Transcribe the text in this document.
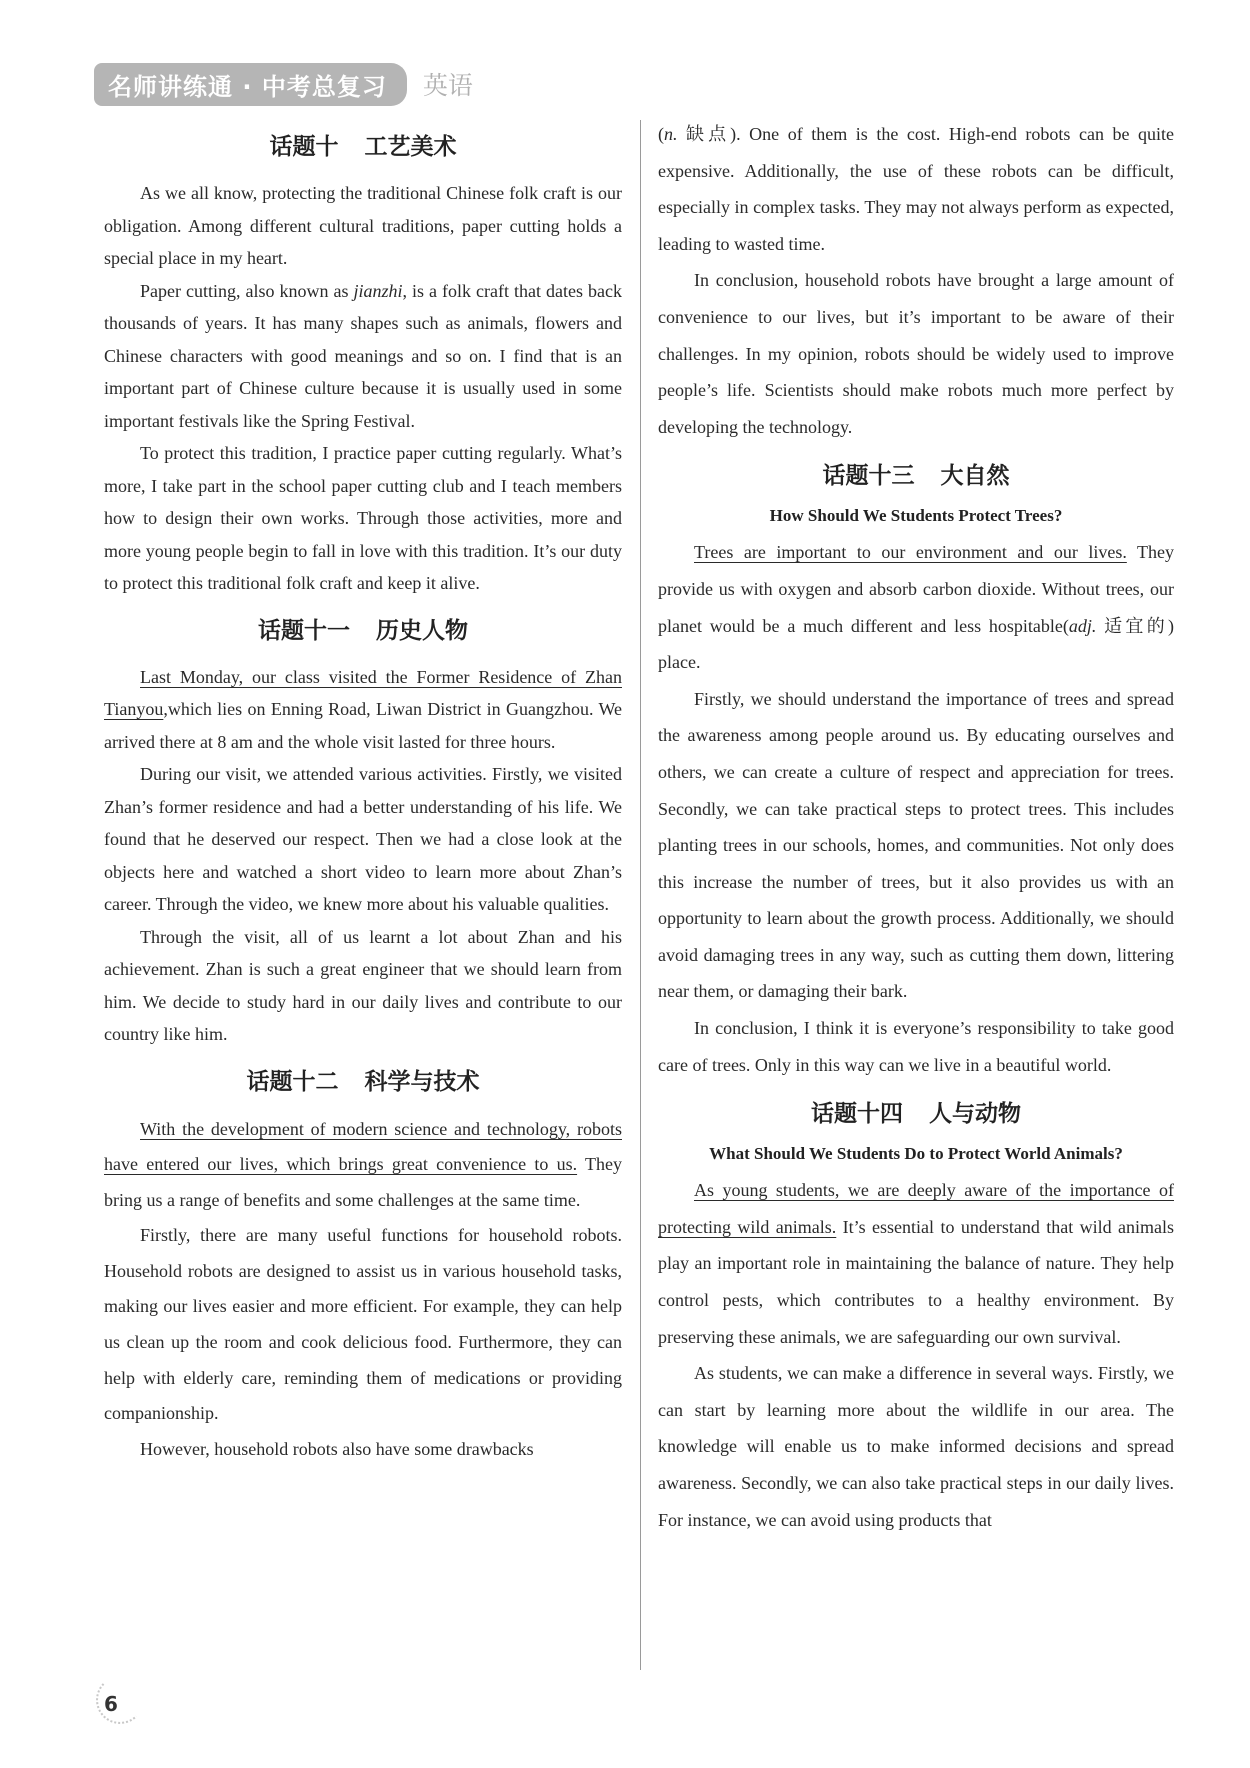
名师讲练通 · 中考总复习	英语
话题十 工艺美术

As we all know, protecting the traditional Chinese folk craft is our obligation. Among different cultural traditions, paper cutting holds a special place in my heart.

Paper cutting, also known as jianzhi, is a folk craft that dates back thousands of years. It has many shapes such as animals, flowers and Chinese characters with good meanings and so on. I find that is an important part of Chinese culture because it is usually used in some important festivals like the Spring Festival.

To protect this tradition, I practice paper cutting regularly. What’s more, I take part in the school paper cutting club and I teach members how to design their own works. Through those activities, more and more young people begin to fall in love with this tradition. It’s our duty to protect this traditional folk craft and keep it alive.

话题十一 历史人物

Last Monday, our class visited the Former Residence of Zhan Tianyou,which lies on Enning Road, Liwan District in Guangzhou. We arrived there at 8 am and the whole visit lasted for three hours.

During our visit, we attended various activities. Firstly, we visited Zhan’s former residence and had a better understanding of his life. We found that he deserved our respect. Then we had a close look at the objects here and watched a short video to learn more about Zhan’s career. Through the video, we knew more about his valuable qualities.

Through the visit, all of us learnt a lot about Zhan and his achievement. Zhan is such a great engineer that we should learn from him. We decide to study hard in our daily lives and contribute to our country like him.

话题十二 科学与技术

With the development of modern science and technology, robots have entered our lives, which brings great convenience to us. They bring us a range of benefits and some challenges at the same time.

Firstly, there are many useful functions for household robots. Household robots are designed to assist us in various household tasks, making our lives easier and more efficient. For example, they can help us clean up the room and cook delicious food. Furthermore, they can help with elderly care, reminding them of medications or providing companionship.

However, household robots also have some drawbacks

(n. 缺点). One of them is the cost. High-end robots can be quite expensive. Additionally, the use of these robots can be difficult, especially in complex tasks. They may not always perform as expected, leading to wasted time.

In conclusion, household robots have brought a large amount of convenience to our lives, but it’s important to be aware of their challenges. In my opinion, robots should be widely used to improve people’s life. Scientists should make robots much more perfect by developing the technology.

话题十三 大自然
How Should We Students Protect Trees?

Trees are important to our environment and our lives. They provide us with oxygen and absorb carbon dioxide. Without trees, our planet would be a much different and less hospitable(adj. 适宜的) place.

Firstly, we should understand the importance of trees and spread the awareness among people around us. By educating ourselves and others, we can create a culture of respect and appreciation for trees. Secondly, we can take practical steps to protect trees. This includes planting trees in our schools, homes, and communities. Not only does this increase the number of trees, but it also provides us with an opportunity to learn about the growth process. Additionally, we should avoid damaging trees in any way, such as cutting them down, littering near them, or damaging their bark.

In conclusion, I think it is everyone’s responsibility to take good care of trees. Only in this way can we live in a beautiful world.

话题十四 人与动物
What Should We Students Do to Protect World Animals?

As young students, we are deeply aware of the importance of protecting wild animals. It’s essential to understand that wild animals play an important role in maintaining the balance of nature. They help control pests, which contributes to a healthy environment. By preserving these animals, we are safeguarding our own survival.

As students, we can make a difference in several ways. Firstly, we can start by learning more about the wildlife in our area. The knowledge will enable us to make informed decisions and spread awareness. Secondly, we can also take practical steps in our daily lives. For instance, we can avoid using products that

6
